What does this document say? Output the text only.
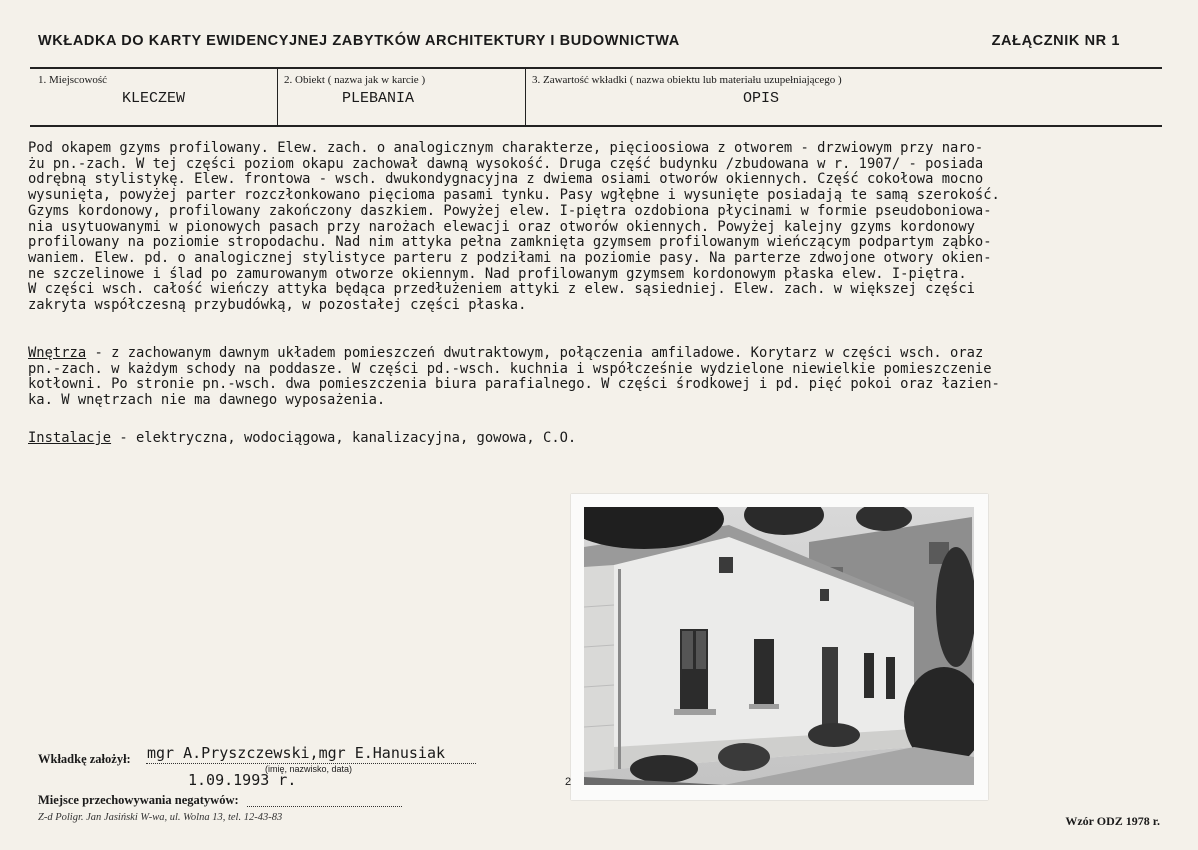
WKŁADKA DO KARTY EWIDENCYJNEJ ZABYTKÓW ARCHITEKTURY I BUDOWNICTWA	ZAŁĄCZNIK NR 1
1. Miejscowość
KLECZEW
2. Obiekt ( nazwa jak w karcie )
PLEBANIA
3. Zawartość wkładki ( nazwa obiektu lub materiału uzupełniającego )
OPIS
Pod okapem gzyms profilowany. Elew. zach. o analogicznym charakterze, pięcioosiowa z otworem - drzwiowym przy naro-
żu pn.-zach. W tej części poziom okapu zachował dawną wysokość. Druga część budynku /zbudowana w r. 1907/ - posiada
odrębną stylistykę. Elew. frontowa - wsch. dwukondygnacyjna z dwiema osiami otworów okiennych. Część cokołowa mocno
wysunięta, powyżej parter rozczłonkowano pięcioma pasami tynku. Pasy wgłębne i wysunięte posiadają te samą szerokość.
Gzyms kordonowy, profilowany zakończony daszkiem. Powyżej elew. I-piętra ozdobiona płycinami w formie pseudoboniowa-
nia usytuowanymi w pionowych pasach przy narożach elewacji oraz otworów okiennych. Powyżej kalejny gzyms kordonowy
profilowany na poziomie stropodachu. Nad nim attyka pełna zamknięta gzymsem profilowanym wieńczącym podpartym ząbko-
waniem. Elew. pd. o analogicznej stylistyce parteru z podziłami na poziomie pasy. Na parterze zdwojone otwory okien-
ne szczelinowe i ślad po zamurowanym otworze okiennym. Nad profilowanym gzymsem kordonowym płaska elew. I-piętra.
W części wsch. całość wieńczy attyka będąca przedłużeniem attyki z elew. sąsiedniej. Elew. zach. w większej części
zakryta współczesną przybudówką, w pozostałej części płaska.
Wnętrza - z zachowanym dawnym układem pomieszczeń dwutraktowym, połączenia amfiladowe. Korytarz w części wsch. oraz
pn.-zach. w każdym schody na poddasze. W części pd.-wsch. kuchnia i współcześnie wydzielone niewielkie pomieszczenie
kotłowni. Po stronie pn.-wsch. dwa pomieszczenia biura parafialnego. W części środkowej i pd. pięć pokoi oraz łazien-
ka. W wnętrzach nie ma dawnego wyposażenia.
Instalacje - elektryczna, wodociągowa, kanalizacyjna, gowowa, C.O.
2
Wkładkę założył: mgr A.Pryszczewski,mgr E.Hanusiak
(imię, nazwisko, data)
1.09.1993 r.
Miejsce przechowywania negatywów:
Z-d Poligr. Jan Jasiński W-wa, ul. Wolna 13, tel. 12-43-83	Wzór ODZ 1978 r.
